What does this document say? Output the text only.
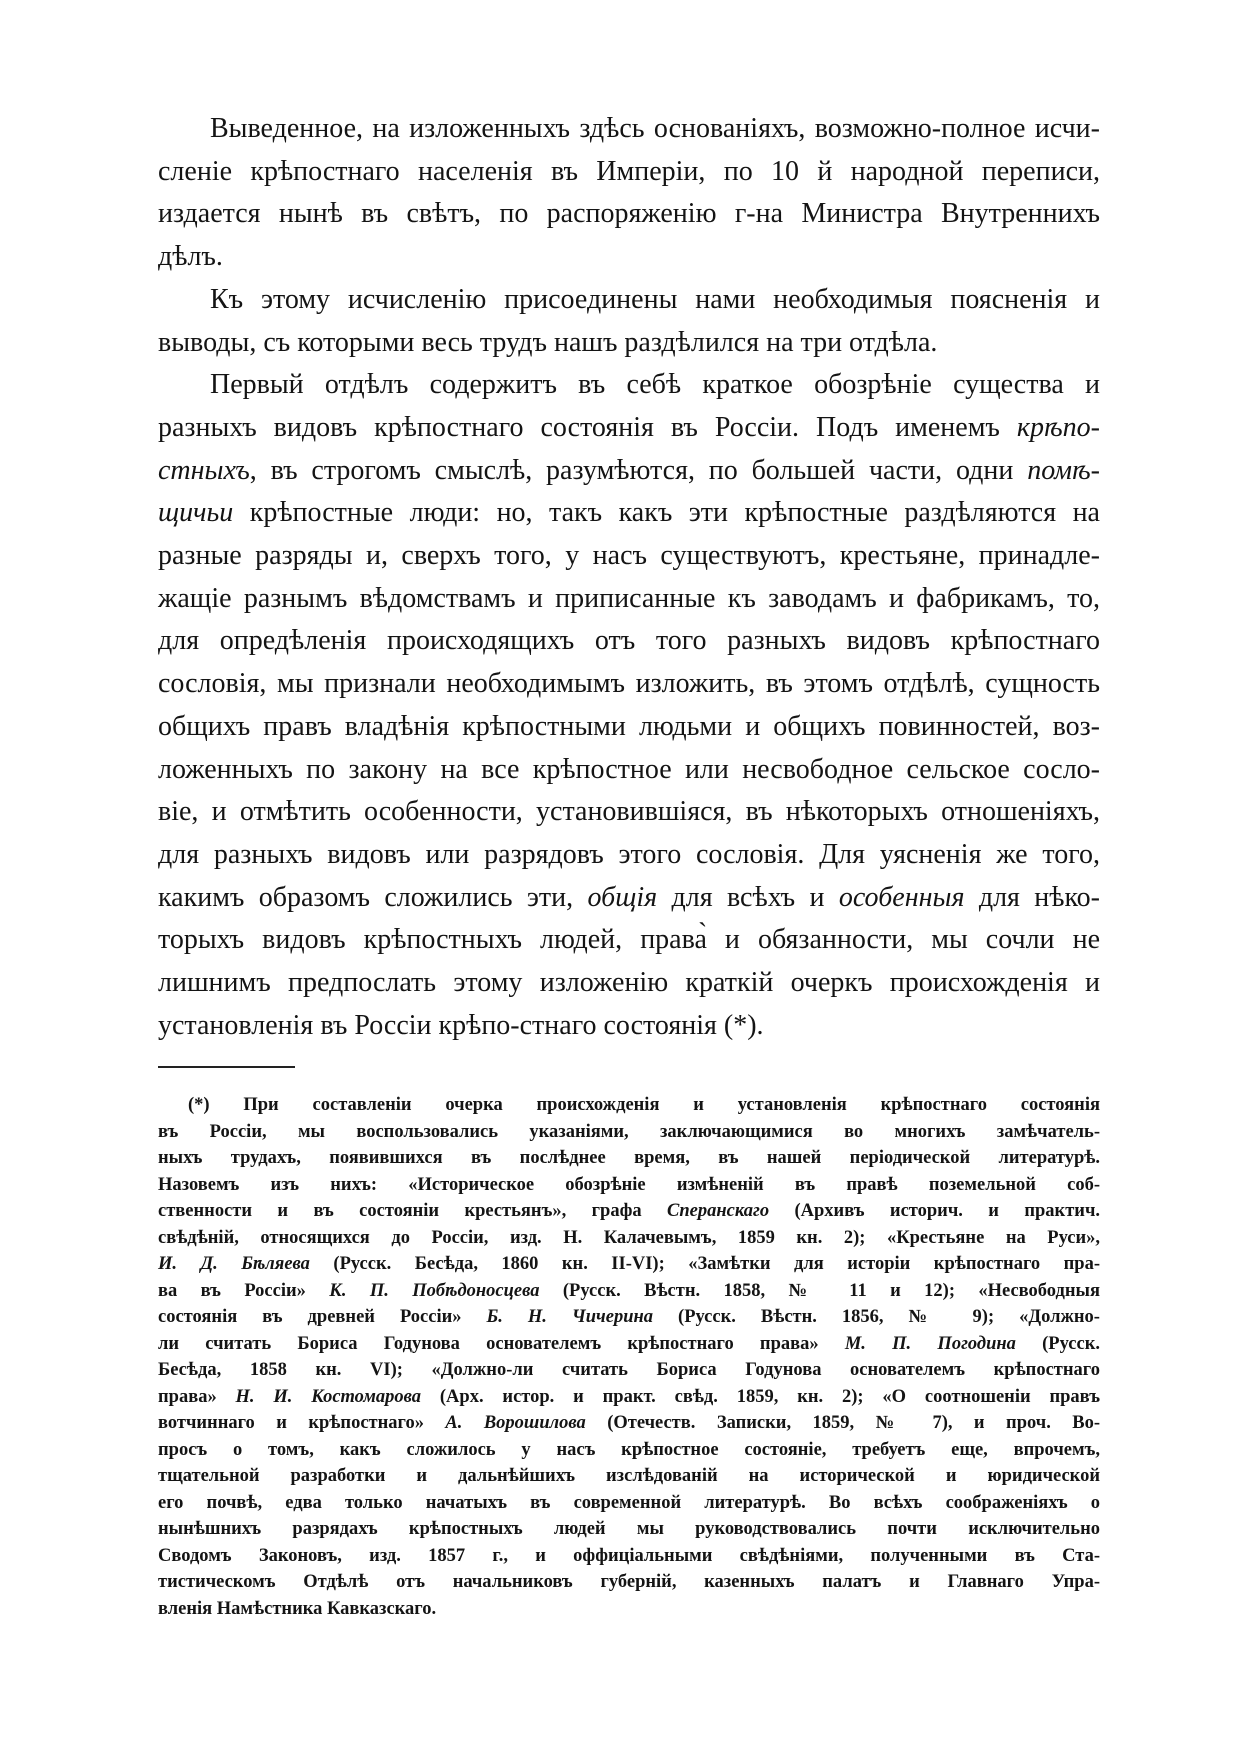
Выведенное, на изложенныхъ здѣсь основаніяхъ, возможно-полное исчи-
сленіе крѣпостнаго населенія въ Имперіи, по 10 й народной переписи,
издается нынѣ въ свѣтъ, по распоряженію г-на Министра Внутреннихъ
дѣлъ.
Къ этому исчисленію присоединены нами необходимыя поясненія и
выводы, съ которыми весь трудъ нашъ раздѣлился на три отдѣла.
Первый отдѣлъ содержитъ въ себѣ краткое обозрѣніе существа и
разныхъ видовъ крѣпостнаго состоянія въ Россіи. Подъ именемъ крѣпо-
стныхъ, въ строгомъ смыслѣ, разумѣются, по большей части, одни помѣ-
щичьи крѣпостные люди: но, такъ какъ эти крѣпостные раздѣляются на
разные разряды и, сверхъ того, у насъ существуютъ, крестьяне, принадле-
жащіе разнымъ вѣдомствамъ и приписанные къ заводамъ и фабрикамъ, то,
для опредѣленія происходящихъ отъ того разныхъ видовъ крѣпостнаго
сословія, мы признали необходимымъ изложить, въ этомъ отдѣлѣ, сущность
общихъ правъ владѣнія крѣпостными людьми и общихъ повинностей, воз-
ложенныхъ по закону на все крѣпостное или несвободное сельское сосло-
віе, и отмѣтить особенности, установившіяся, въ нѣкоторыхъ отношеніяхъ,
для разныхъ видовъ или разрядовъ этого сословія. Для уясненія же того,
какимъ образомъ сложились эти, общія для всѣхъ и особенныя для нѣко-
торыхъ видовъ крѣпостныхъ людей, права̀ и обязанности, мы сочли не
лишнимъ предпослать этому изложенію краткій очеркъ происхожденія и
установленія въ Россіи крѣпо-стнаго состоянія (*).
(*) При составленіи очерка происхожденія и установленія крѣпостнаго состоянія
въ Россіи, мы воспользовались указаніями, заключающимися во многихъ замѣчатель-
ныхъ трудахъ, появившихся въ послѣднее время, въ нашей періодической литературѣ.
Назовемъ изъ нихъ: «Историческое обозрѣніе измѣненій въ правѣ поземельной соб-
ственности и въ состояніи крестьянъ», графа Сперанскаго (Архивъ историч. и практич.
свѣдѣній, относящихся до Россіи, изд. Н. Калачевымъ, 1859 кн. 2); «Крестьяне на Руси»,
И. Д. Бѣляева (Русск. Бесѣда, 1860 кн. II-VI); «Замѣтки для исторіи крѣпостнаго пра-
ва въ Россіи» К. П. Побѣдоносцева (Русск. Вѣстн. 1858, № 11 и 12); «Несвободныя
состоянія въ древней Россіи» Б. Н. Чичерина (Русск. Вѣстн. 1856, № 9); «Должно-
ли считать Бориса Годунова основателемъ крѣпостнаго права» М. П. Погодина (Русск.
Бесѣда, 1858 кн. VI); «Должно-ли считать Бориса Годунова основателемъ крѣпостнаго
права» Н. И. Костомарова (Арх. истор. и практ. свѣд. 1859, кн. 2); «О соотношеніи правъ
вотчиннаго и крѣпостнаго» А. Ворошилова (Отечеств. Записки, 1859, № 7), и проч. Во-
просъ о томъ, какъ сложилось у насъ крѣпостное состояніе, требуетъ еще, впрочемъ,
тщательной разработки и дальнѣйшихъ изслѣдованій на исторической и юридической
его почвѣ, едва только начатыхъ въ современной литературѣ. Во всѣхъ соображеніяхъ о
нынѣшнихъ разрядахъ крѣпостныхъ людей мы руководствовались почти исключительно
Сводомъ Законовъ, изд. 1857 г., и оффиціальными свѣдѣніями, полученными въ Ста-
тистическомъ Отдѣлѣ отъ начальниковъ губерній, казенныхъ палатъ и Главнаго Упра-
вленія Намѣстника Кавказскаго.
